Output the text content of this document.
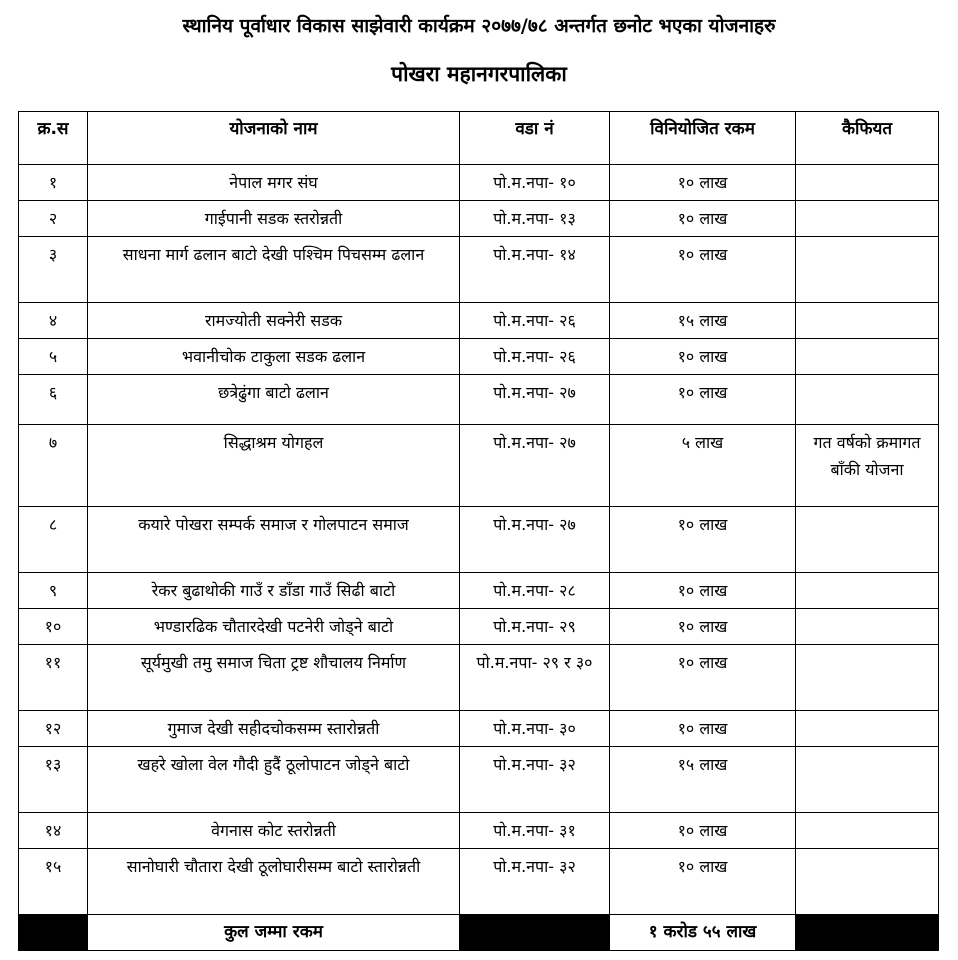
स्थानिय पूर्वाधार विकास साझेवारी कार्यक्रम २०७७/७८ अन्तर्गत छनोट भएका योजनाहरु
पोखरा महानगरपालिका
क्र.स	योजनाको नाम	वडा नं	विनियोजित रकम	कैफियत
१	नेपाल मगर संघ	पो.म.नपा- १०	१० लाख	
२	गाईपानी सडक स्तरोन्नती	पो.म.नपा- १३	१० लाख	
३	साधना मार्ग ढलान बाटो देखी पश्चिम पिचसम्म ढलान	पो.म.नपा- १४	१० लाख	
४	रामज्योती सक्नेरी सडक	पो.म.नपा- २६	१५ लाख	
५	भवानीचोक टाकुला सडक ढलान	पो.म.नपा- २६	१० लाख	
६	छत्रेढुंगा बाटो ढलान	पो.म.नपा- २७	१० लाख	
७	सिद्धाश्रम योगहल	पो.म.नपा- २७	५ लाख	गत वर्षको क्रमागत बाँकी योजना
८	कयारे पोखरा सम्पर्क समाज र गोलपाटन समाज	पो.म.नपा- २७	१० लाख	
९	रेकर बुढाथोकी गाउँ र डाँडा गाउँ सिढी बाटो	पो.म.नपा- २८	१० लाख	
१०	भण्डारढिक चौतारदेखी पटनेरी जोड्ने बाटो	पो.म.नपा- २९	१० लाख	
११	सूर्यमुखी तमु समाज चिता ट्रष्ट शौचालय निर्माण	पो.म.नपा- २९ र ३०	१० लाख	
१२	गुमाज देखी सहीदचोकसम्म स्तारोन्नती	पो.म.नपा- ३०	१० लाख	
१३	खहरे खोला वेल गौदी हुदैं ठूलोपाटन जोड्ने बाटो	पो.म.नपा- ३२	१५ लाख	
१४	वेगनास कोट स्तरोन्नती	पो.म.नपा- ३१	१० लाख	
१५	सानोघारी चौतारा देखी ठूलोघारीसम्म बाटो स्तारोन्नती	पो.म.नपा- ३२	१० लाख	
	कुल जम्मा रकम		१ करोड ५५ लाख	
